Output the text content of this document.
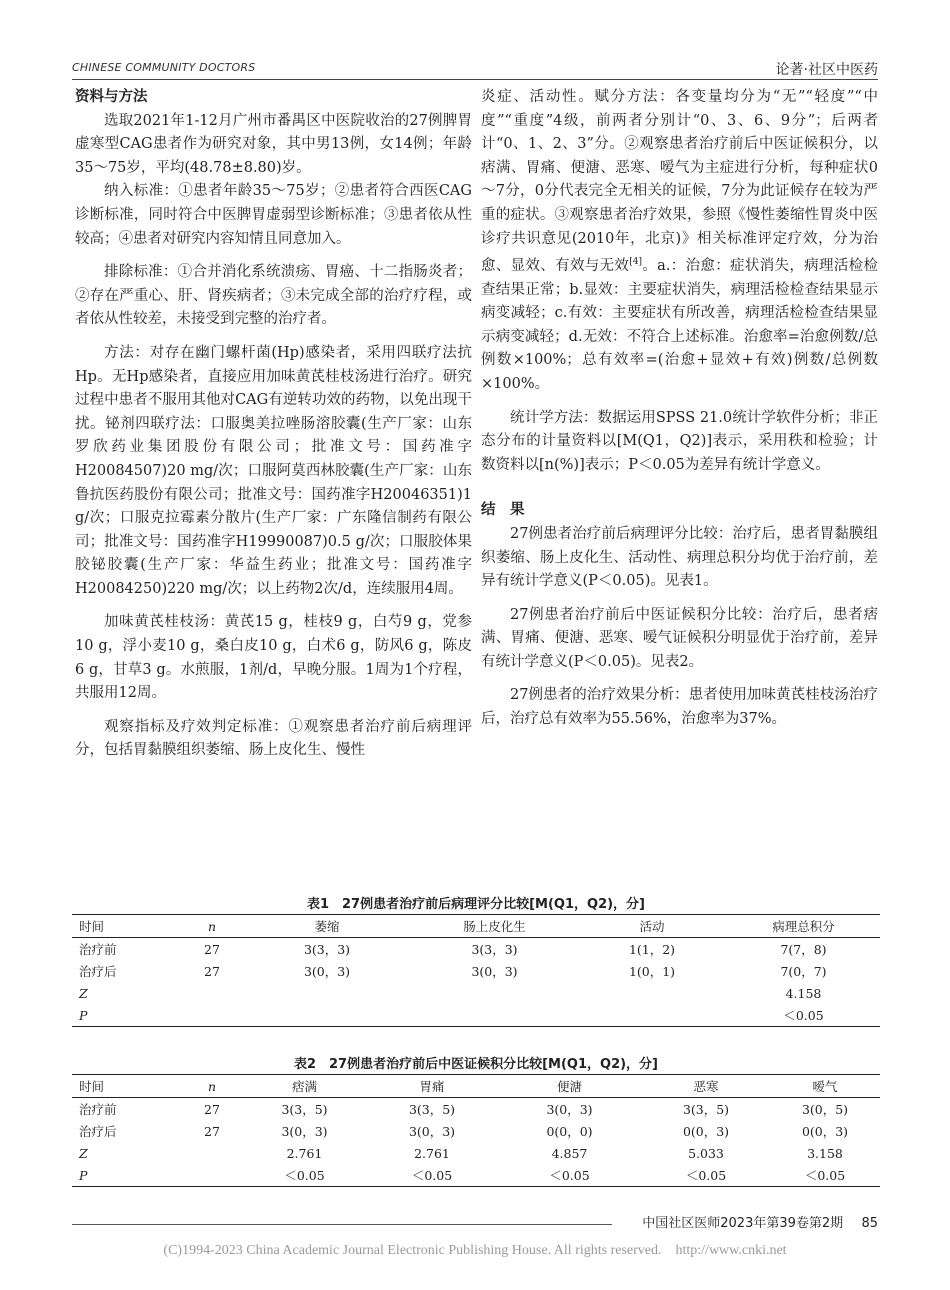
CHINESE COMMUNITY DOCTORS	论著·社区中医药
资料与方法

选取2021年1-12月广州市番禺区中医院收治的27例脾胃虚寒型CAG患者作为研究对象，其中男13例，女14例；年龄35～75岁，平均(48.78±8.80)岁。

纳入标准：①患者年龄35～75岁；②患者符合西医CAG诊断标准，同时符合中医脾胃虚弱型诊断标准；③患者依从性较高；④患者对研究内容知情且同意加入。

排除标准：①合并消化系统溃疡、胃癌、十二指肠炎者；②存在严重心、肝、肾疾病者；③未完成全部的治疗疗程，或者依从性较差，未接受到完整的治疗者。

方法：对存在幽门螺杆菌(Hp)感染者，采用四联疗法抗Hp。无Hp感染者，直接应用加味黄芪桂枝汤进行治疗。研究过程中患者不服用其他对CAG有逆转功效的药物，以免出现干扰。铋剂四联疗法：口服奥美拉唑肠溶胶囊(生产厂家：山东罗欣药业集团股份有限公司；批准文号：国药准字H20084507)20 mg/次；口服阿莫西林胶囊(生产厂家：山东鲁抗医药股份有限公司；批准文号：国药准字H20046351)1 g/次；口服克拉霉素分散片(生产厂家：广东隆信制药有限公司；批准文号：国药准字H19990087)0.5 g/次；口服胶体果胶铋胶囊(生产厂家：华益生药业；批准文号：国药准字H20084250)220 mg/次；以上药物2次/d，连续服用4周。

加味黄芪桂枝汤：黄芪15 g，桂枝9 g，白芍9 g，党参10 g，浮小麦10 g，桑白皮10 g，白术6 g，防风6 g，陈皮6 g，甘草3 g。水煎服，1剂/d，早晚分服。1周为1个疗程，共服用12周。

观察指标及疗效判定标准：①观察患者治疗前后病理评分，包括胃黏膜组织萎缩、肠上皮化生、慢性

炎症、活动性。赋分方法：各变量均分为“无”“轻度”“中度”“重度”4级，前两者分别计“0、3、6、9分”；后两者计“0、1、2、3”分。②观察患者治疗前后中医证候积分，以痞满、胃痛、便溏、恶寒、嗳气为主症进行分析，每种症状0～7分，0分代表完全无相关的证候，7分为此证候存在较为严重的症状。③观察患者治疗效果，参照《慢性萎缩性胃炎中医诊疗共识意见(2010年，北京)》相关标准评定疗效，分为治愈、显效、有效与无效[4]。a.：治愈：症状消失，病理活检检查结果正常；b.显效：主要症状消失，病理活检检查结果显示病变减轻；c.有效：主要症状有所改善，病理活检检查结果显示病变减轻；d.无效：不符合上述标准。治愈率=治愈例数/总例数×100%；总有效率=(治愈+显效+有效)例数/总例数×100%。

统计学方法：数据运用SPSS 21.0统计学软件分析；非正态分布的计量资料以[M(Q1，Q2)]表示，采用秩和检验；计数资料以[n(%)]表示；P＜0.05为差异有统计学意义。

结　果

27例患者治疗前后病理评分比较：治疗后，患者胃黏膜组织萎缩、肠上皮化生、活动性、病理总积分均优于治疗前，差异有统计学意义(P＜0.05)。见表1。

27例患者治疗前后中医证候积分比较：治疗后，患者痞满、胃痛、便溏、恶寒、嗳气证候积分明显优于治疗前，差异有统计学意义(P＜0.05)。见表2。

27例患者的治疗效果分析：患者使用加味黄芪桂枝汤治疗后，治疗总有效率为55.56%，治愈率为37%。

表1　27例患者治疗前后病理评分比较[M(Q1，Q2)，分]
时间	n	萎缩	肠上皮化生	活动	病理总积分
治疗前	27	3(3，3)	3(3，3)	1(1，2)	7(7，8)
治疗后	27	3(0，3)	3(0，3)	1(0，1)	7(0，7)
Z					4.158
P					＜0.05
表2　27例患者治疗前后中医证候积分比较[M(Q1，Q2)，分]
时间	n	痞满	胃痛	便溏	恶寒	嗳气
治疗前	27	3(3，5)	3(3，5)	3(0，3)	3(3，5)	3(0，5)
治疗后	27	3(0，3)	3(0，3)	0(0，0)	0(0，3)	0(0，3)
Z		2.761	2.761	4.857	5.033	3.158
P		＜0.05	＜0.05	＜0.05	＜0.05	＜0.05
中国社区医师2023年第39卷第2期 85
(C)1994-2023 China Academic Journal Electronic Publishing House. All rights reserved.    http://www.cnki.net
